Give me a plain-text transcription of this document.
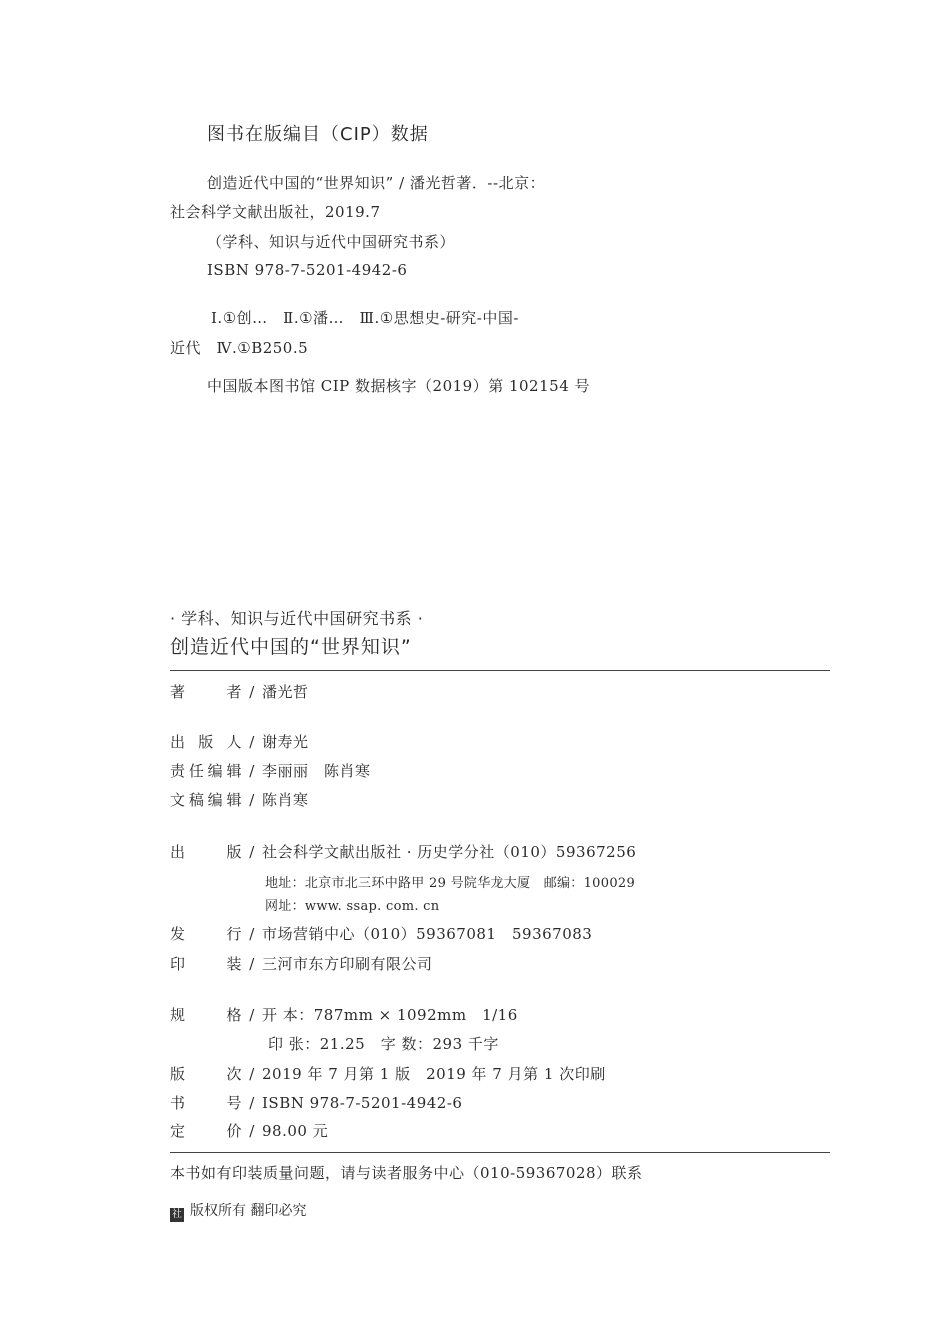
图书在版编目（CIP）数据
创造近代中国的“世界知识” / 潘光哲著．--北京：
社会科学文献出版社，2019.7
（学科、知识与近代中国研究书系）
ISBN 978-7-5201-4942-6
Ⅰ.①创…　Ⅱ.①潘…　Ⅲ.①思想史-研究-中国-
近代　Ⅳ.①B250.5
中国版本图书馆 CIP 数据核字（2019）第 102154 号
· 学科、知识与近代中国研究书系 ·
创造近代中国的“世界知识”
著　　者 / 潘光哲
出 版 人 / 谢寿光
责任编辑 / 李丽丽　陈肖寒
文稿编辑 / 陈肖寒
出　　版 / 社会科学文献出版社 · 历史学分社（010）59367256
地址：北京市北三环中路甲 29 号院华龙大厦　邮编：100029
网址：www. ssap. com. cn
发　　行 / 市场营销中心（010）59367081　59367083
印　　装 / 三河市东方印刷有限公司
规　　格 / 开 本：787mm × 1092mm　1/16
印 张：21.25　字 数：293 千字
版　　次 / 2019 年 7 月第 1 版　2019 年 7 月第 1 次印刷
书　　号 / ISBN 978-7-5201-4942-6
定　　价 / 98.00 元
本书如有印装质量问题，请与读者服务中心（010-59367028）联系
社 版权所有 翻印必究
